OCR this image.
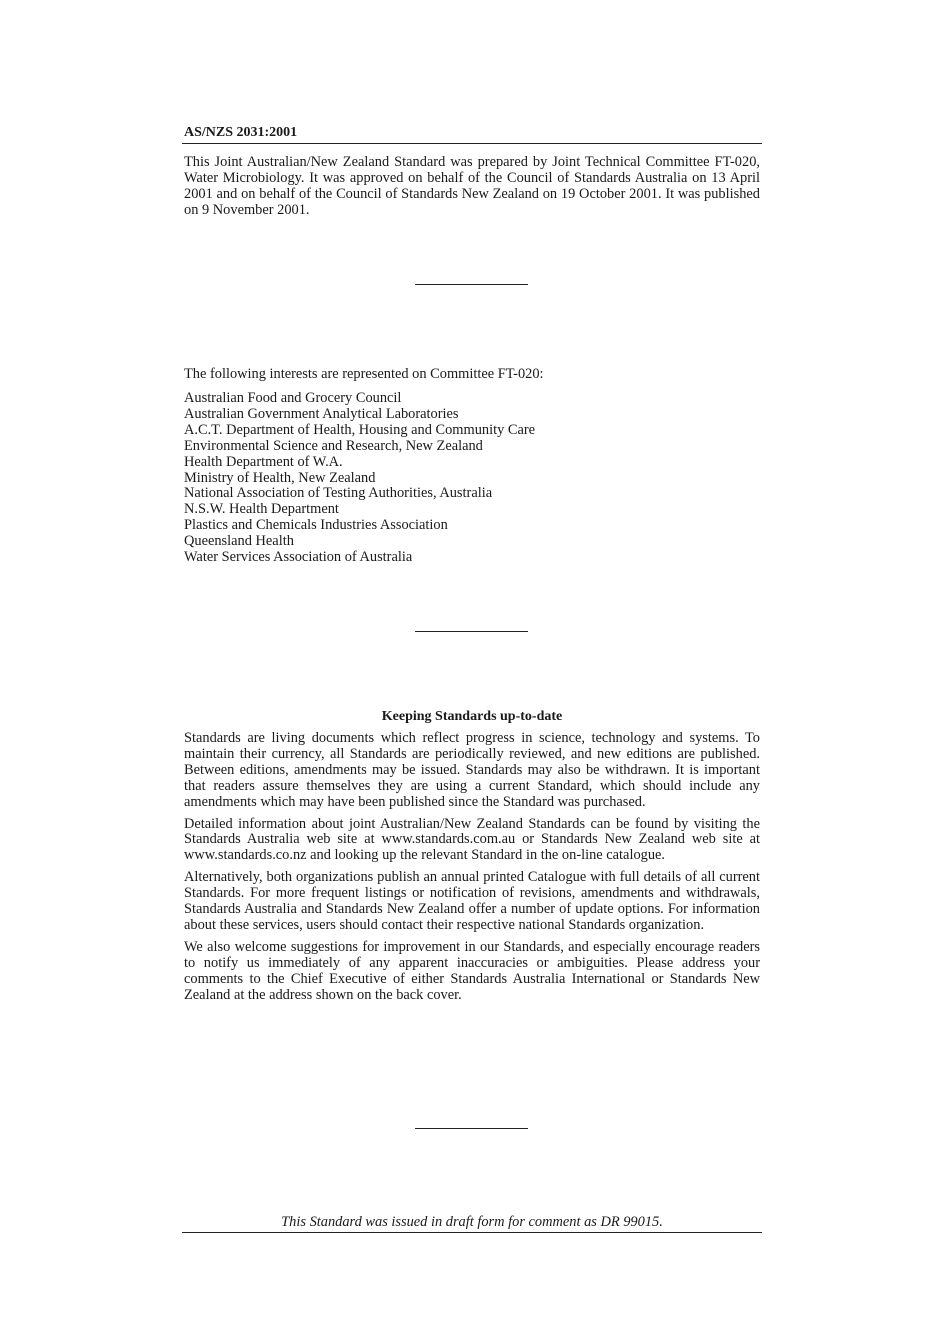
AS/NZS 2031:2001

This Joint Australian/New Zealand Standard was prepared by Joint Technical Committee FT-020, Water Microbiology. It was approved on behalf of the Council of Standards Australia on 13 April 2001 and on behalf of the Council of Standards New Zealand on 19 October 2001. It was published on 9 November 2001.

The following interests are represented on Committee FT-020:

Australian Food and Grocery Council
Australian Government Analytical Laboratories
A.C.T. Department of Health, Housing and Community Care
Environmental Science and Research, New Zealand
Health Department of W.A.
Ministry of Health, New Zealand
National Association of Testing Authorities, Australia
N.S.W. Health Department
Plastics and Chemicals Industries Association
Queensland Health
Water Services Association of Australia
Keeping Standards up-to-date

Standards are living documents which reflect progress in science, technology and systems. To maintain their currency, all Standards are periodically reviewed, and new editions are published. Between editions, amendments may be issued. Standards may also be withdrawn. It is important that readers assure themselves they are using a current Standard, which should include any amendments which may have been published since the Standard was purchased.

Detailed information about joint Australian/New Zealand Standards can be found by visiting the Standards Australia web site at www.standards.com.au or Standards New Zealand web site at www.standards.co.nz and looking up the relevant Standard in the on-line catalogue.

Alternatively, both organizations publish an annual printed Catalogue with full details of all current Standards. For more frequent listings or notification of revisions, amendments and withdrawals, Standards Australia and Standards New Zealand offer a number of update options. For information about these services, users should contact their respective national Standards organization.

We also welcome suggestions for improvement in our Standards, and especially encourage readers to notify us immediately of any apparent inaccuracies or ambiguities. Please address your comments to the Chief Executive of either Standards Australia International or Standards New Zealand at the address shown on the back cover.

This Standard was issued in draft form for comment as DR 99015.
